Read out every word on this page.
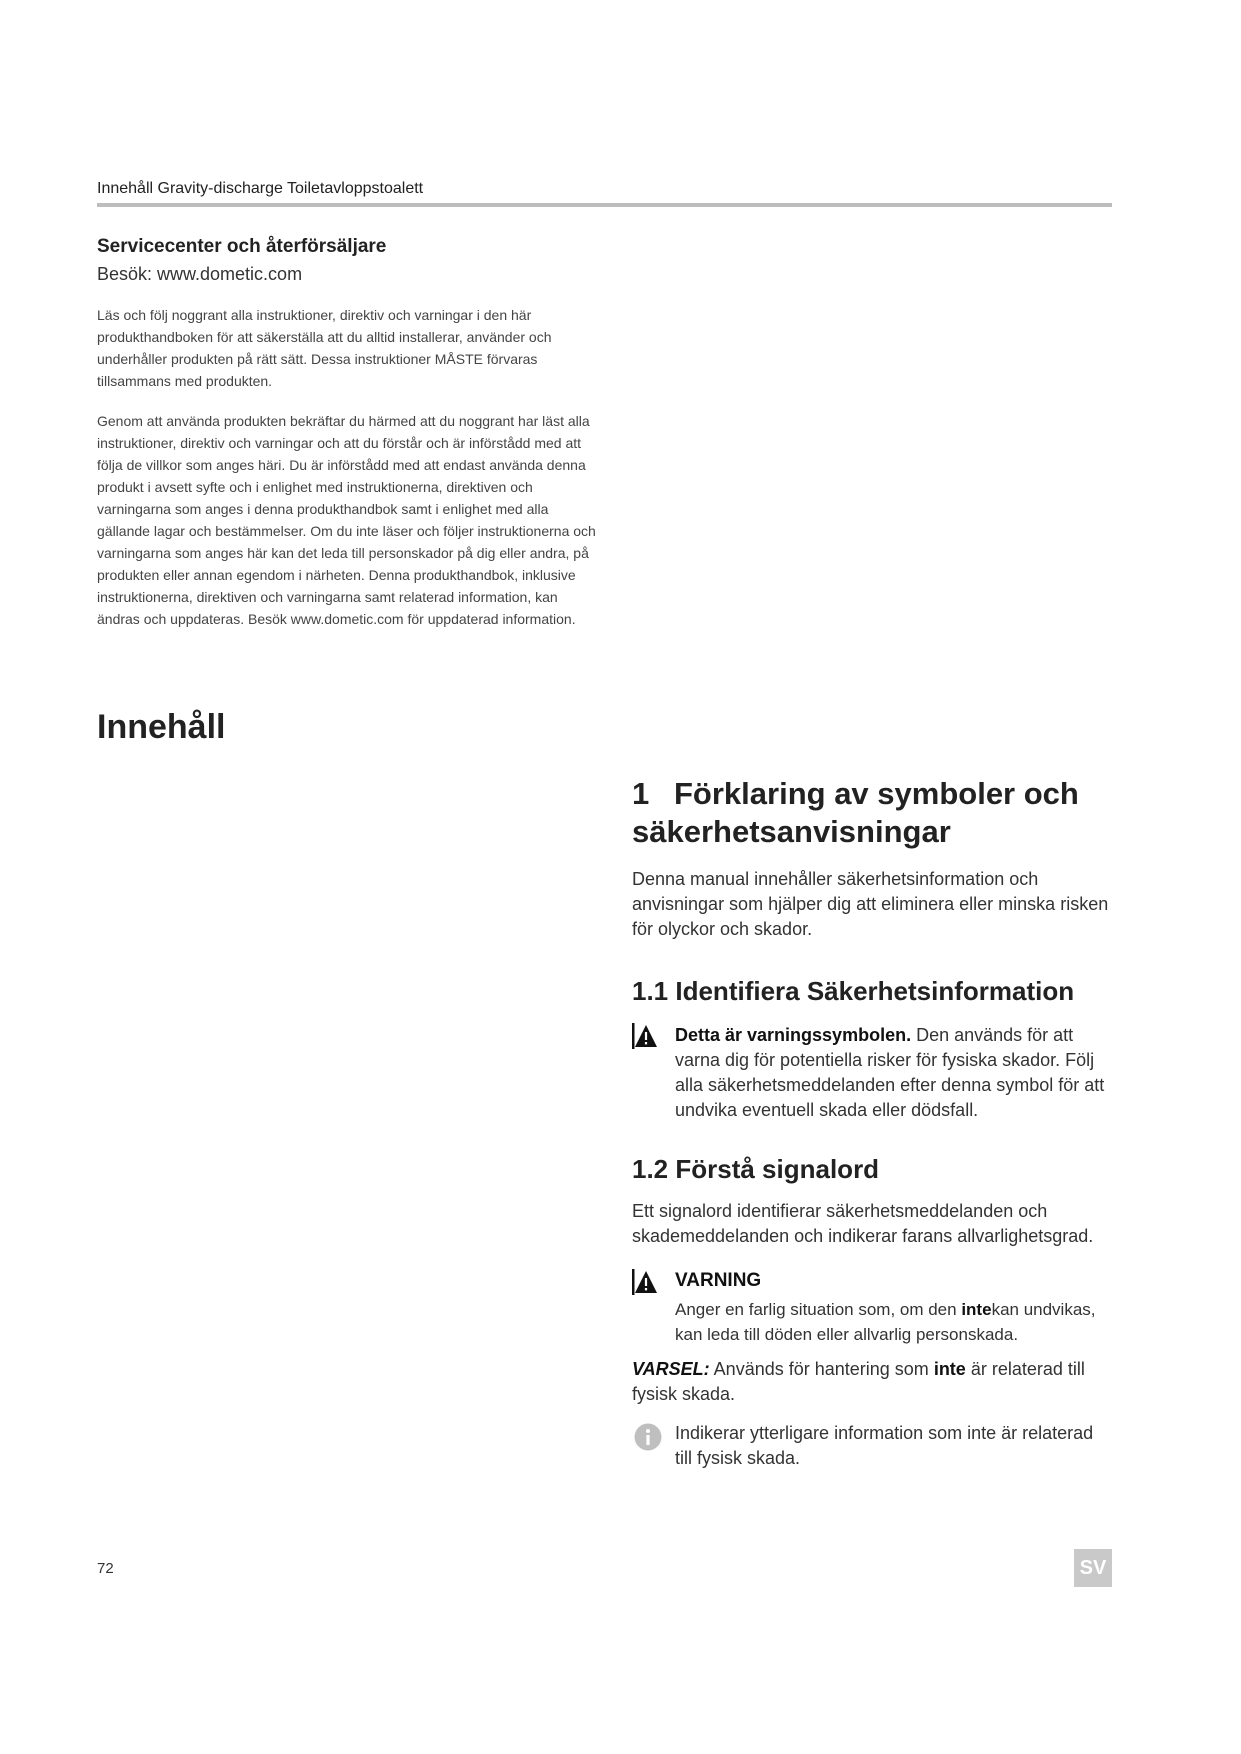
Innehåll Gravity-discharge Toiletavloppstoalett

Servicecenter och återförsäljare

Besök: www.dometic.com

Läs och följ noggrant alla instruktioner, direktiv och varningar i den här produkthandboken för att säkerställa att du alltid installerar, använder och underhåller produkten på rätt sätt. Dessa instruktioner MÅSTE förvaras tillsammans med produkten.

Genom att använda produkten bekräftar du härmed att du noggrant har läst alla instruktioner, direktiv och varningar och att du förstår och är införstådd med att följa de villkor som anges häri. Du är införstådd med att endast använda denna produkt i avsett syfte och i enlighet med instruktionerna, direktiven och varningarna som anges i denna produkthandbok samt i enlighet med alla gällande lagar och bestämmelser. Om du inte läser och följer instruktionerna och varningarna som anges här kan det leda till personskador på dig eller andra, på produkten eller annan egendom i närheten. Denna produkthandbok, inklusive instruktionerna, direktiven och varningarna samt relaterad information, kan ändras och uppdateras. Besök www.dometic.com för uppdaterad information.

Innehåll
1 Förklaring av symboler och
säkerhetsanvisningar

Denna manual innehåller säkerhetsinformation och anvisningar som hjälper dig att eliminera eller minska risken för olyckor och skador.

1.1 Identifiera Säkerhetsinformation

Detta är varningssymbolen. Den används för att varna dig för potentiella risker för fysiska skador. Följ alla säkerhetsmeddelanden efter denna symbol för att undvika eventuell skada eller dödsfall.

1.2 Förstå signalord

Ett signalord identifierar säkerhetsmeddelanden och skademeddelanden och indikerar farans allvarlighetsgrad.

VARNING

Anger en farlig situation som, om den intekan undvikas, kan leda till döden eller allvarlig personskada.

VARSEL: Används för hantering som inte är relaterad till fysisk skada.

Indikerar ytterligare information som inte är relaterad till fysisk skada.

72	SV
